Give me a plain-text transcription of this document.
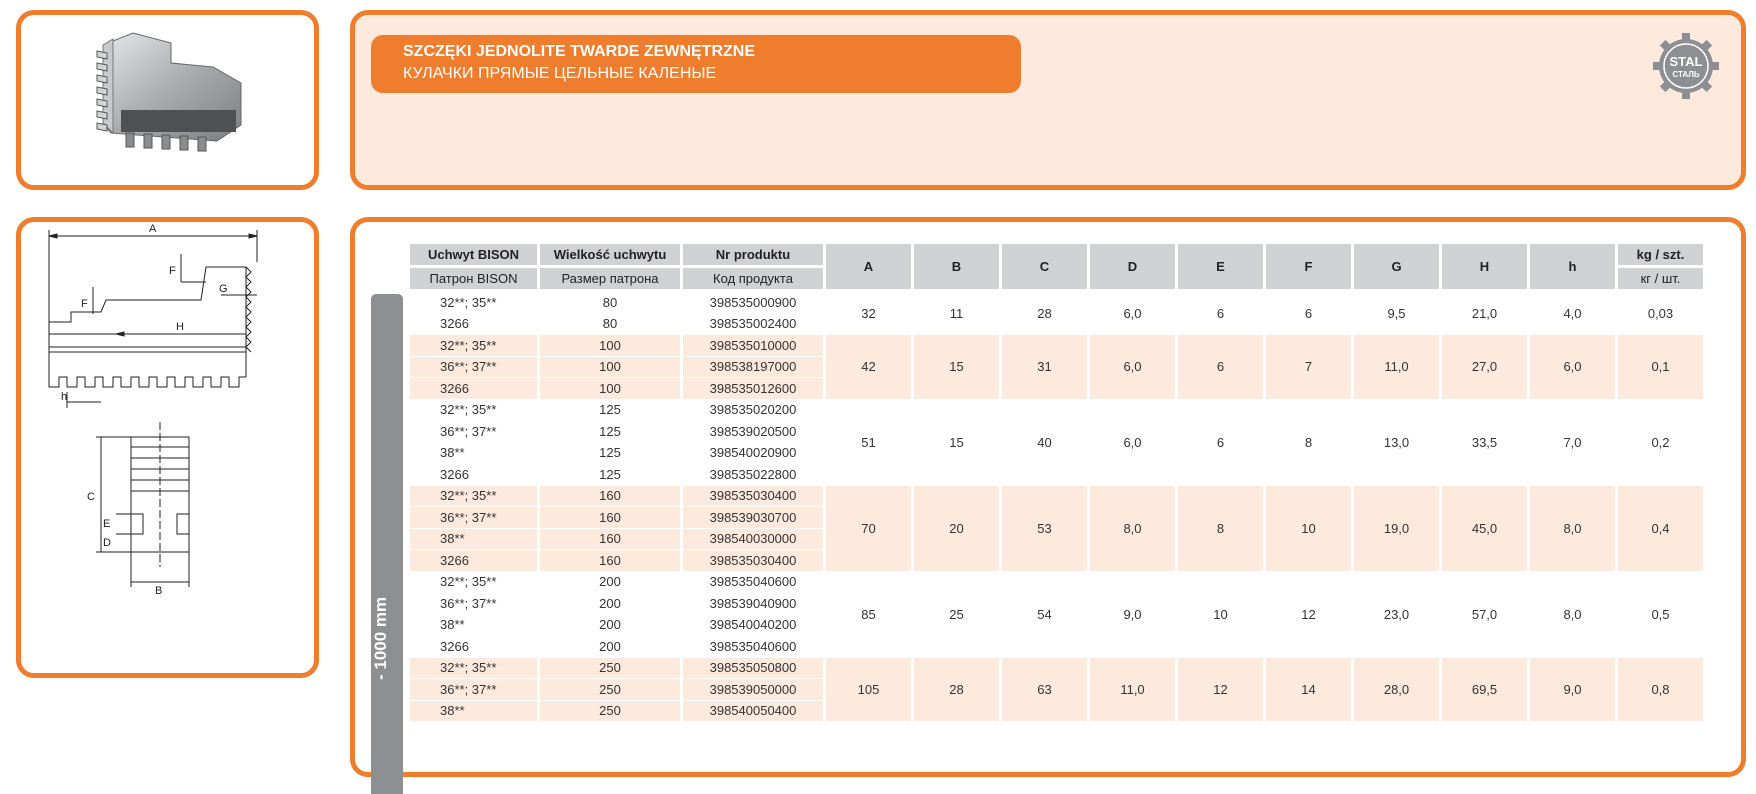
SZCZĘKI JEDNOLITE TWARDE ZEWNĘTRZNE
КУЛАЧКИ ПРЯМЫЕ ЦЕЛЬНЫЕ КАЛЕНЫЕ
STAL
СТАЛЬ
A
F
G
F
H
h
C
E
D
B
- 1000 mm
Uchwyt BISON	Wielkość uchwytu	Nr produktu	A	B	C	D	E	F	G	H	h	kg / szt.
Патрон BISON	Размер патрона	Код продукта										кг / шт.
32**; 35**	80	398535000900	32	11	28	6,0	6	6	9,5	21,0	4,0	0,03
3266	80	398535002400										
32**; 35**	100	398535010000	42	15	31	6,0	6	7	11,0	27,0	6,0	0,1
36**; 37**	100	398538197000										
3266	100	398535012600										
32**; 35**	125	398535020200	51	15	40	6,0	6	8	13,0	33,5	7,0	0,2
36**; 37**	125	398539020500										
38**	125	398540020900										
3266	125	398535022800										
32**; 35**	160	398535030400	70	20	53	8,0	8	10	19,0	45,0	8,0	0,4
36**; 37**	160	398539030700										
38**	160	398540030000										
3266	160	398535030400										
32**; 35**	200	398535040600	85	25	54	9,0	10	12	23,0	57,0	8,0	0,5
36**; 37**	200	398539040900										
38**	200	398540040200										
3266	200	398535040600										
32**; 35**	250	398535050800	105	28	63	11,0	12	14	28,0	69,5	9,0	0,8
36**; 37**	250	398539050000										
38**	250	398540050400										
